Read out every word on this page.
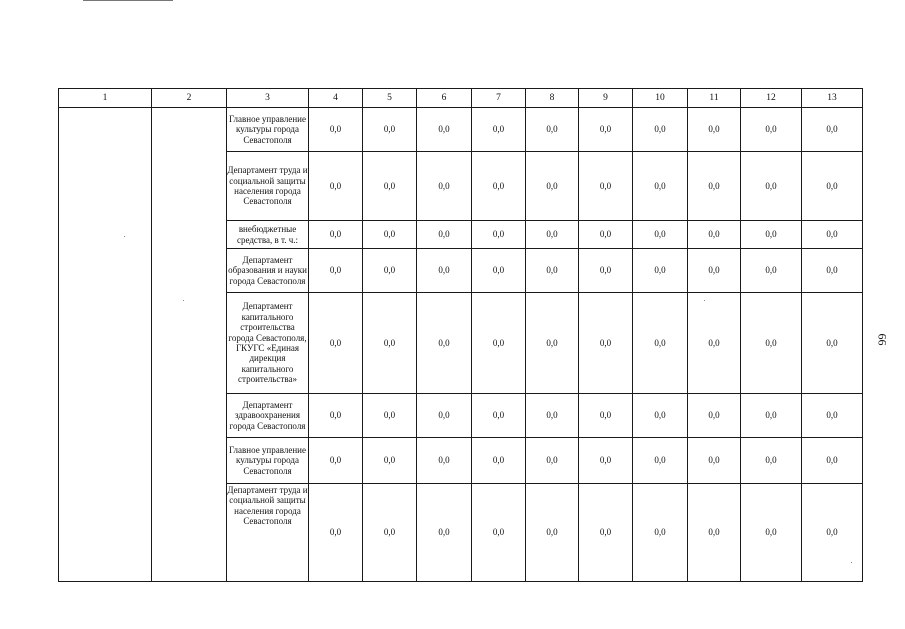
1	2	3	4	5	6	7	8	9	10	11	12	13
		Главное управление культуры города Севастополя	0,0	0,0	0,0	0,0	0,0	0,0	0,0	0,0	0,0	0,0
		Департамент труда и социальной защиты населения города Севастополя	0,0	0,0	0,0	0,0	0,0	0,0	0,0	0,0	0,0	0,0
		внебюджетные средства, в т. ч.:	0,0	0,0	0,0	0,0	0,0	0,0	0,0	0,0	0,0	0,0
		Департамент образования и науки города Севастополя	0,0	0,0	0,0	0,0	0,0	0,0	0,0	0,0	0,0	0,0
		Департамент капитального строительства города Севастополя, ГКУГС «Единая дирекция капитального строительства»	0,0	0,0	0,0	0,0	0,0	0,0	0,0	0,0	0,0	0,0
		Департамент здравоохранения города Севастополя	0,0	0,0	0,0	0,0	0,0	0,0	0,0	0,0	0,0	0,0
		Главное управление культуры города Севастополя	0,0	0,0	0,0	0,0	0,0	0,0	0,0	0,0	0,0	0,0
		Департамент труда и социальной защиты населения города Севастополя	0,0	0,0	0,0	0,0	0,0	0,0	0,0	0,0	0,0	0,0
66
